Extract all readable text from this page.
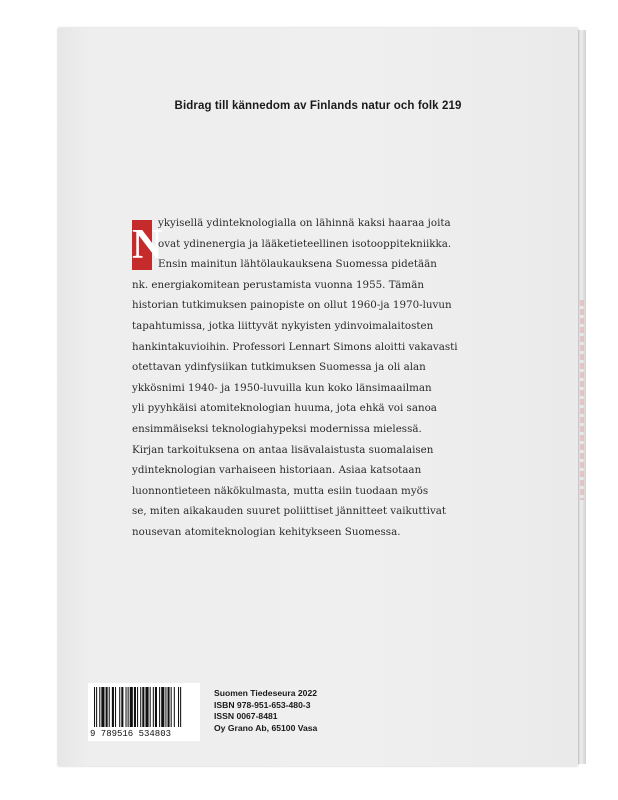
Bidrag till kännedom av Finlands natur och folk 219
N
ykyisellä ydinteknologialla on lähinnä kaksi haaraa joita
ovat ydinenergia ja lääketieteellinen isotooppitekniikka.
Ensin mainitun lähtölaukauksena Suomessa pidetään
nk. energiakomitean perustamista vuonna 1955. Tämän
historian tutkimuksen painopiste on ollut 1960-ja 1970-luvun
tapahtumissa, jotka liittyvät nykyisten ydinvoimalaitosten
hankintakuvioihin. Professori Lennart Simons aloitti vakavasti
otettavan ydinfysiikan tutkimuksen Suomessa ja oli alan
ykkösnimi 1940- ja 1950-luvuilla kun koko länsimaailman
yli pyyhkäisi atomiteknologian huuma, jota ehkä voi sanoa
ensimmäiseksi teknologiahypeksi modernissa mielessä.
Kirjan tarkoituksena on antaa lisävalaistusta suomalaisen
ydinteknologian varhaiseen historiaan. Asiaa katsotaan
luonnontieteen näkökulmasta, mutta esiin tuodaan myös
se, miten aikakauden suuret poliittiset jännitteet vaikuttivat
nousevan atomiteknologian kehitykseen Suomessa.
9 789516 534803
Suomen Tiedeseura 2022
ISBN 978-951-653-480-3
ISSN 0067-8481
Oy Grano Ab, 65100 Vasa
